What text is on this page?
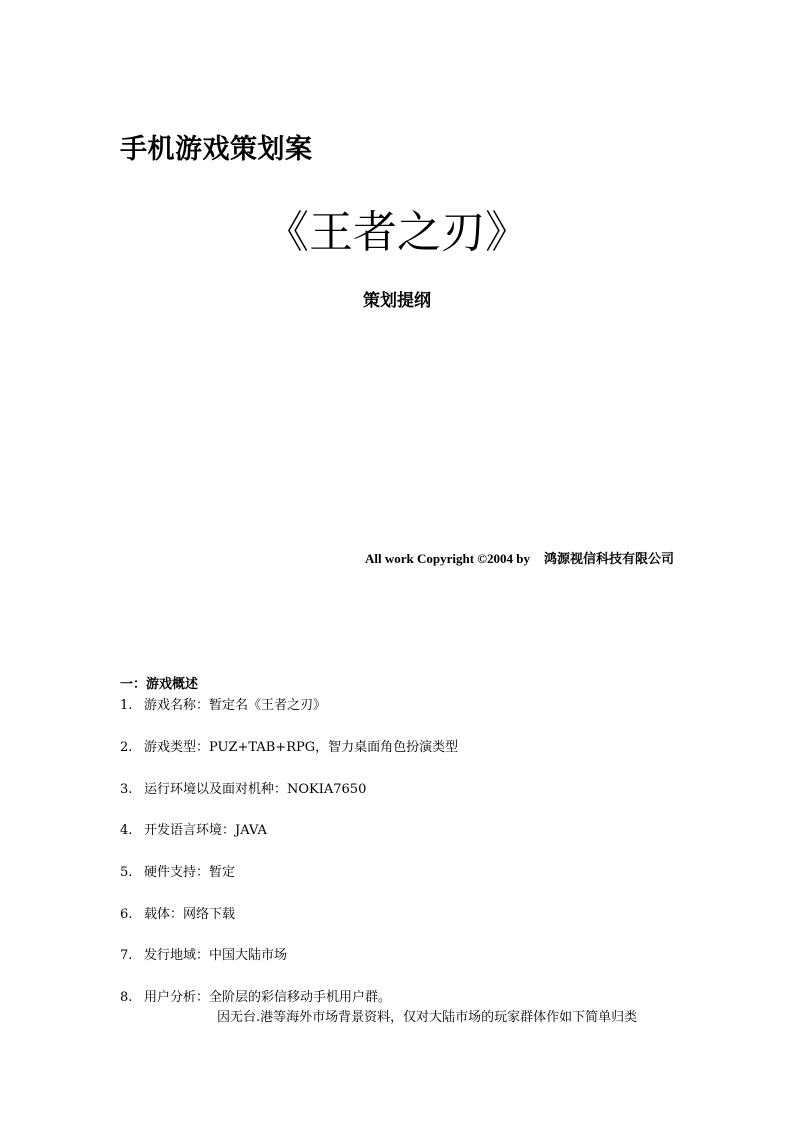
手机游戏策划案
《王者之刃》
策划提纲
All work Copyright ©2004 by 鸿源视信科技有限公司
一：游戏概述
1. 游戏名称：暂定名《王者之刃》
2. 游戏类型：PUZ+TAB+RPG，智力桌面角色扮演类型
3. 运行环境以及面对机种：NOKIA7650
4. 开发语言环境：JAVA
5. 硬件支持：暂定
6. 载体：网络下载
7. 发行地域：中国大陆市场
8. 用户分析：全阶层的彩信移动手机用户群。
因无台.港等海外市场背景资料，仅对大陆市场的玩家群体作如下简单归类
